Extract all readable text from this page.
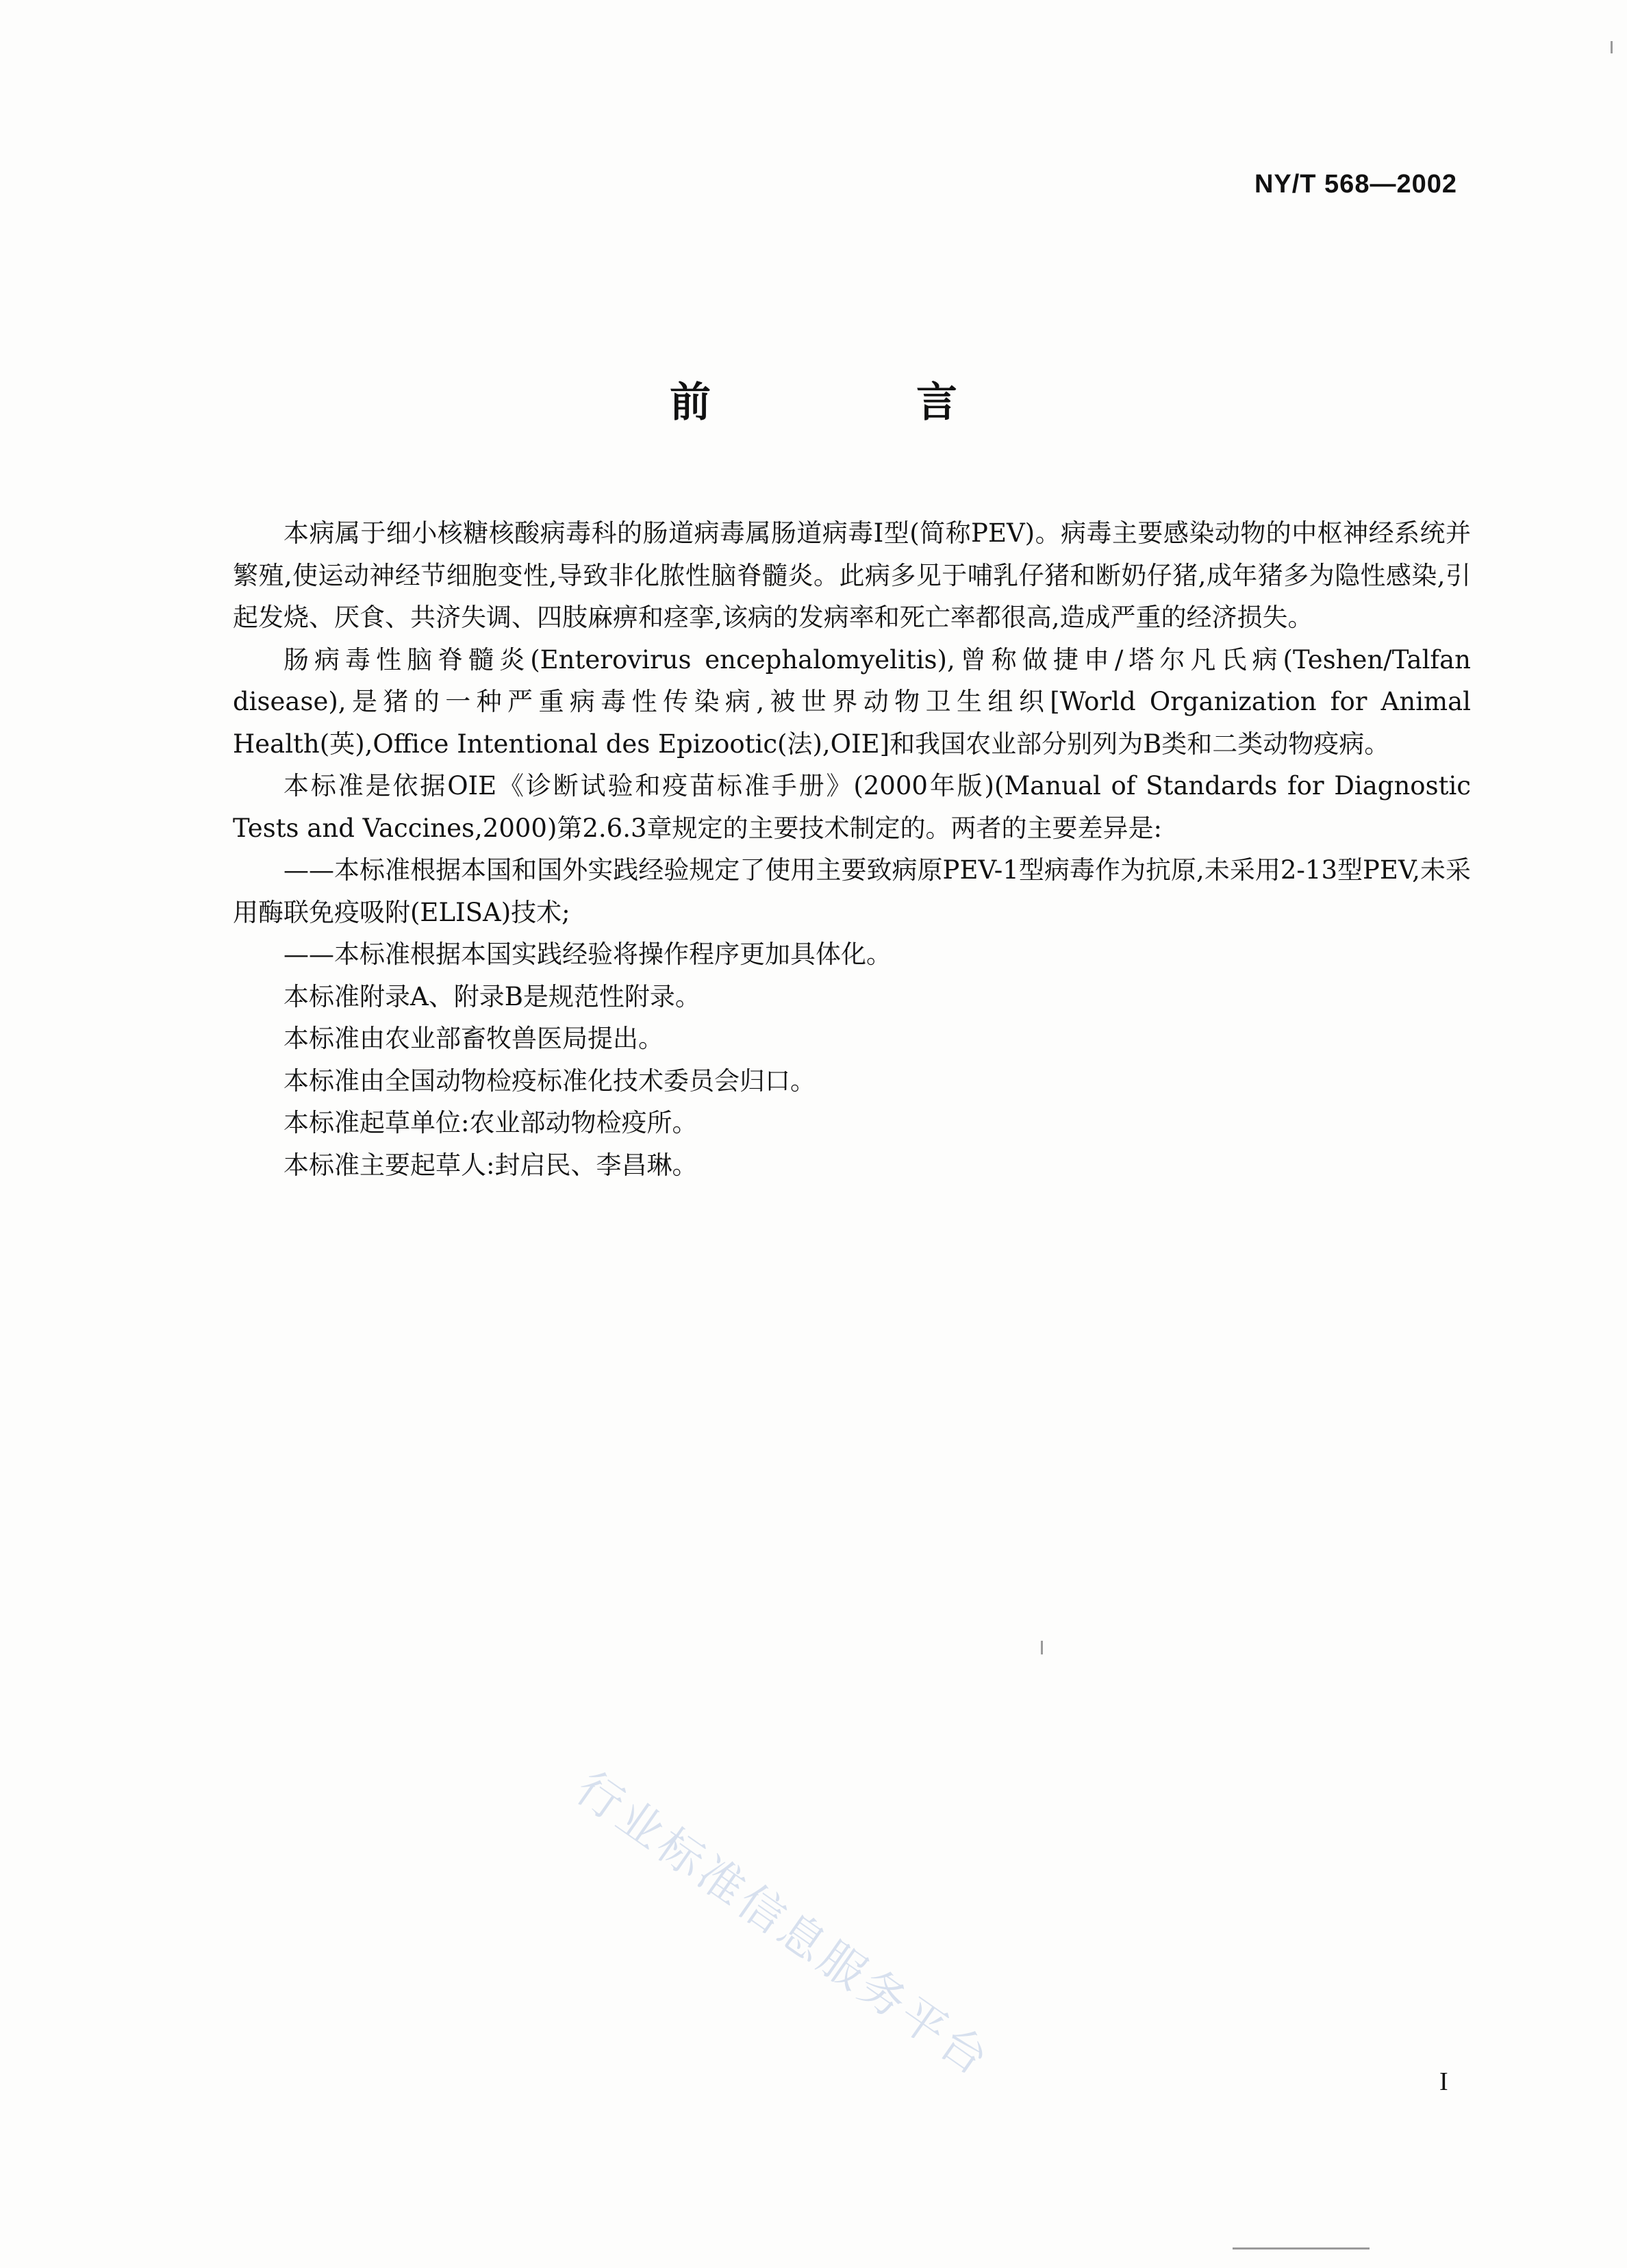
NY/T 568—2002
前　言

本病属于细小核糖核酸病毒科的肠道病毒属肠道病毒Ⅰ型(简称PEV)。病毒主要感染动物的中枢神经系统并繁殖,使运动神经节细胞变性,导致非化脓性脑脊髓炎。此病多见于哺乳仔猪和断奶仔猪,成年猪多为隐性感染,引起发烧、厌食、共济失调、四肢麻痹和痉挛,该病的发病率和死亡率都很高,造成严重的经济损失。

肠病毒性脑脊髓炎(Enterovirus encephalomyelitis),曾称做捷申/塔尔凡氏病(Teshen/Talfan disease),是猪的一种严重病毒性传染病,被世界动物卫生组织[World Organization for Animal Health(英),Office Intentional des Epizootic(法),OIE]和我国农业部分别列为B类和二类动物疫病。

本标准是依据OIE《诊断试验和疫苗标准手册》(2000年版)(Manual of Standards for Diagnostic Tests and Vaccines,2000)第2.6.3章规定的主要技术制定的。两者的主要差异是:

——本标准根据本国和国外实践经验规定了使用主要致病原PEV-1型病毒作为抗原,未采用2-13型PEV,未采用酶联免疫吸附(ELISA)技术;

——本标准根据本国实践经验将操作程序更加具体化。

本标准附录A、附录B是规范性附录。

本标准由农业部畜牧兽医局提出。

本标准由全国动物检疫标准化技术委员会归口。

本标准起草单位:农业部动物检疫所。

本标准主要起草人:封启民、李昌琳。

行业标准信息服务平台	I
